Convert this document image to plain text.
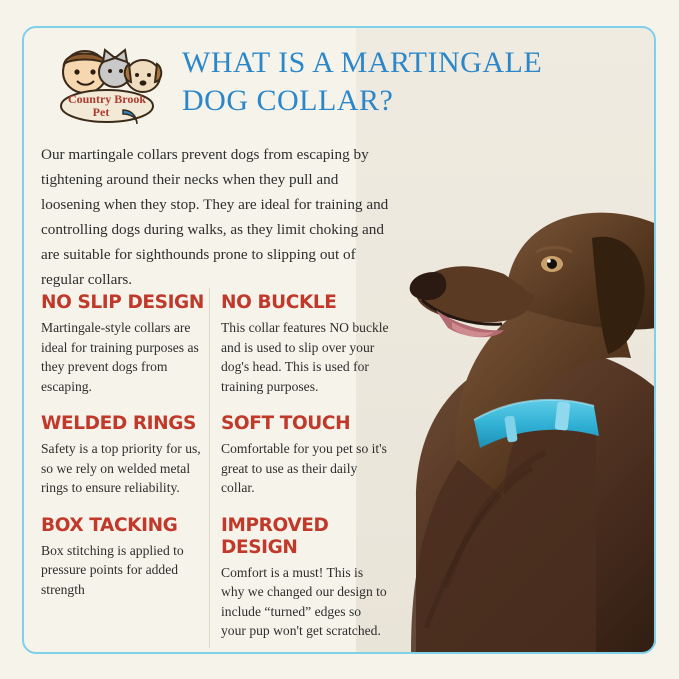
Country Brook
Pet
WHAT IS A MARTINGALE
DOG COLLAR?
Our martingale collars prevent dogs from escaping by tightening around their necks when they pull and loosening when they stop. They are ideal for training and controlling dogs during walks, as they limit choking and are suitable for sighthounds prone to slipping out of regular collars.
NO SLIP DESIGN
Martingale-style collars are ideal for training purposes as they prevent dogs from escaping.
WELDED RINGS
Safety is a top priority for us, so we rely on welded metal rings to ensure reliability.
BOX TACKING
Box stitching is applied to pressure points for added strength
NO BUCKLE
This collar features NO buckle and is used to slip over your dog's head. This is used for training purposes.
SOFT TOUCH
Comfortable for you pet so it's great to use as their daily collar.
IMPROVED DESIGN
Comfort is a must! This is why we changed our design to include “turned” edges so your pup won't get scratched.
